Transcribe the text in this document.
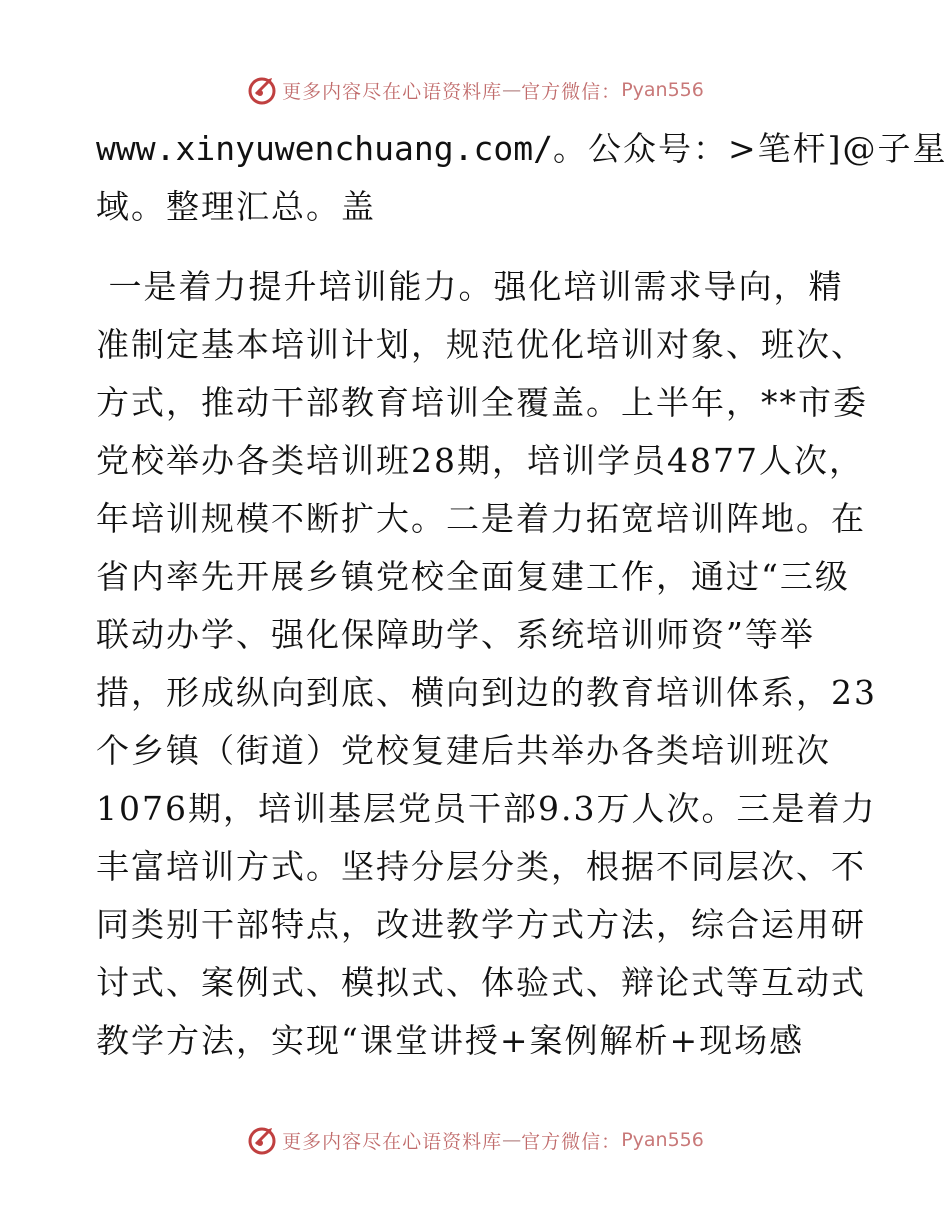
更多内容尽在心语资料库 — 官方微信： Pyan556

www.xinyuwenchuang.com/。公众号：>笔杆]@子星
域。整理汇总。盖

一是着力提升培训能力。强化培训需求导向，精
准制定基本培训计划，规范优化培训对象、班次、
方式，推动干部教育培训全覆盖。上半年，**市委
党校举办各类培训班28期，培训学员4877人次，
年培训规模不断扩大。二是着力拓宽培训阵地。在
省内率先开展乡镇党校全面复建工作，通过“三级
联动办学、强化保障助学、系统培训师资”等举
措，形成纵向到底、横向到边的教育培训体系，23
个乡镇（街道）党校复建后共举办各类培训班次
1076期，培训基层党员干部9.3万人次。三是着力
丰富培训方式。坚持分层分类，根据不同层次、不
同类别干部特点，改进教学方式方法，综合运用研
讨式、案例式、模拟式、体验式、辩论式等互动式
教学方法，实现“课堂讲授+案例解析+现场感

更多内容尽在心语资料库 — 官方微信： Pyan556
